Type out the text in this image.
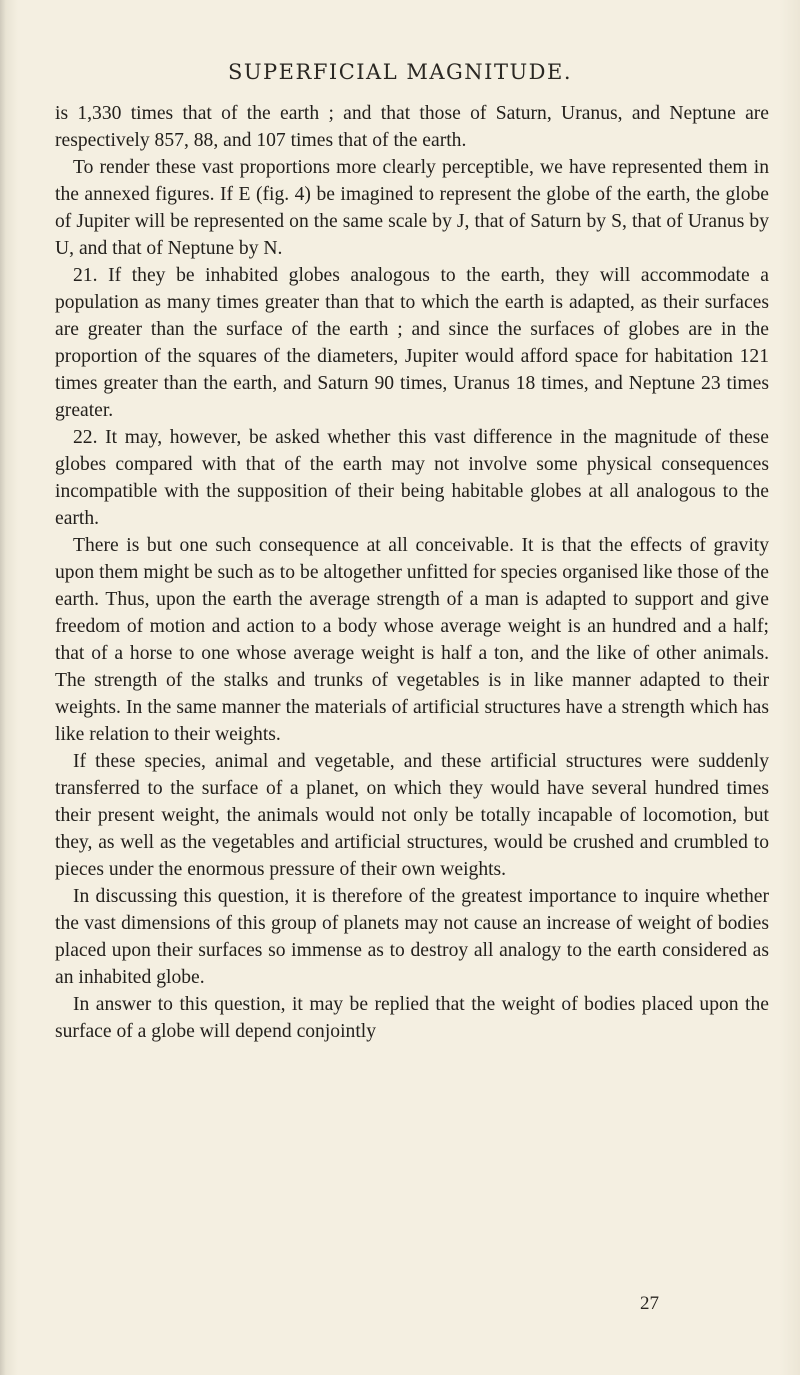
SUPERFICIAL MAGNITUDE.

is 1,330 times that of the earth ; and that those of Saturn, Uranus, and Neptune are respectively 857, 88, and 107 times that of the earth.

To render these vast proportions more clearly perceptible, we have represented them in the annexed figures. If E (fig. 4) be imagined to represent the globe of the earth, the globe of Jupiter will be represented on the same scale by J, that of Saturn by S, that of Uranus by U, and that of Neptune by N.

21. If they be inhabited globes analogous to the earth, they will accommodate a population as many times greater than that to which the earth is adapted, as their surfaces are greater than the surface of the earth ; and since the surfaces of globes are in the proportion of the squares of the diameters, Jupiter would afford space for habitation 121 times greater than the earth, and Saturn 90 times, Uranus 18 times, and Neptune 23 times greater.

22. It may, however, be asked whether this vast difference in the magnitude of these globes compared with that of the earth may not involve some physical consequences incompatible with the supposition of their being habitable globes at all analogous to the earth.

There is but one such consequence at all conceivable. It is that the effects of gravity upon them might be such as to be altogether unfitted for species organised like those of the earth. Thus, upon the earth the average strength of a man is adapted to support and give freedom of motion and action to a body whose average weight is an hundred and a half; that of a horse to one whose average weight is half a ton, and the like of other animals. The strength of the stalks and trunks of vegetables is in like manner adapted to their weights. In the same manner the materials of artificial structures have a strength which has like relation to their weights.

If these species, animal and vegetable, and these artificial structures were suddenly transferred to the surface of a planet, on which they would have several hundred times their present weight, the animals would not only be totally incapable of locomotion, but they, as well as the vegetables and artificial structures, would be crushed and crumbled to pieces under the enormous pressure of their own weights.

In discussing this question, it is therefore of the greatest importance to inquire whether the vast dimensions of this group of planets may not cause an increase of weight of bodies placed upon their surfaces so immense as to destroy all analogy to the earth considered as an inhabited globe.

In answer to this question, it may be replied that the weight of bodies placed upon the surface of a globe will depend conjointly

27
